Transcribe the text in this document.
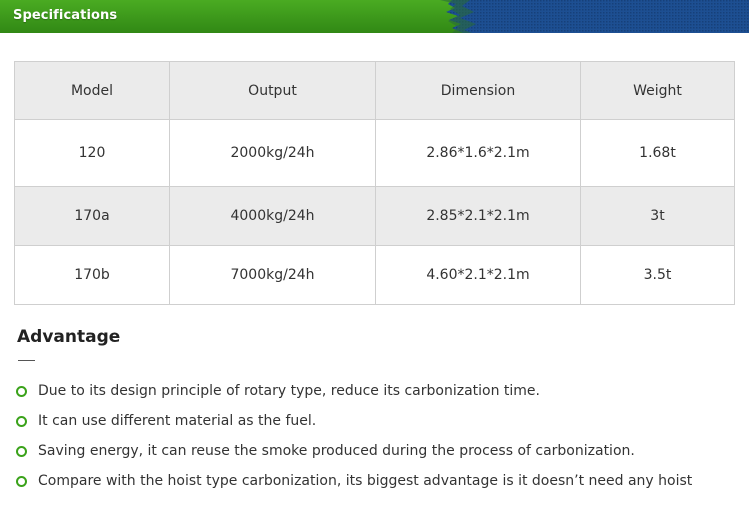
Specifications
Model	Output	Dimension	Weight
120	2000kg/24h	2.86*1.6*2.1m	1.68t
170a	4000kg/24h	2.85*2.1*2.1m	3t
170b	7000kg/24h	4.60*2.1*2.1m	3.5t
Advantage
Due to its design principle of rotary type, reduce its carbonization time.
It can use different material as the fuel.
Saving energy, it can reuse the smoke produced during the process of carbonization.
Compare with the hoist type carbonization, its biggest advantage is it doesn’t need any hoist
